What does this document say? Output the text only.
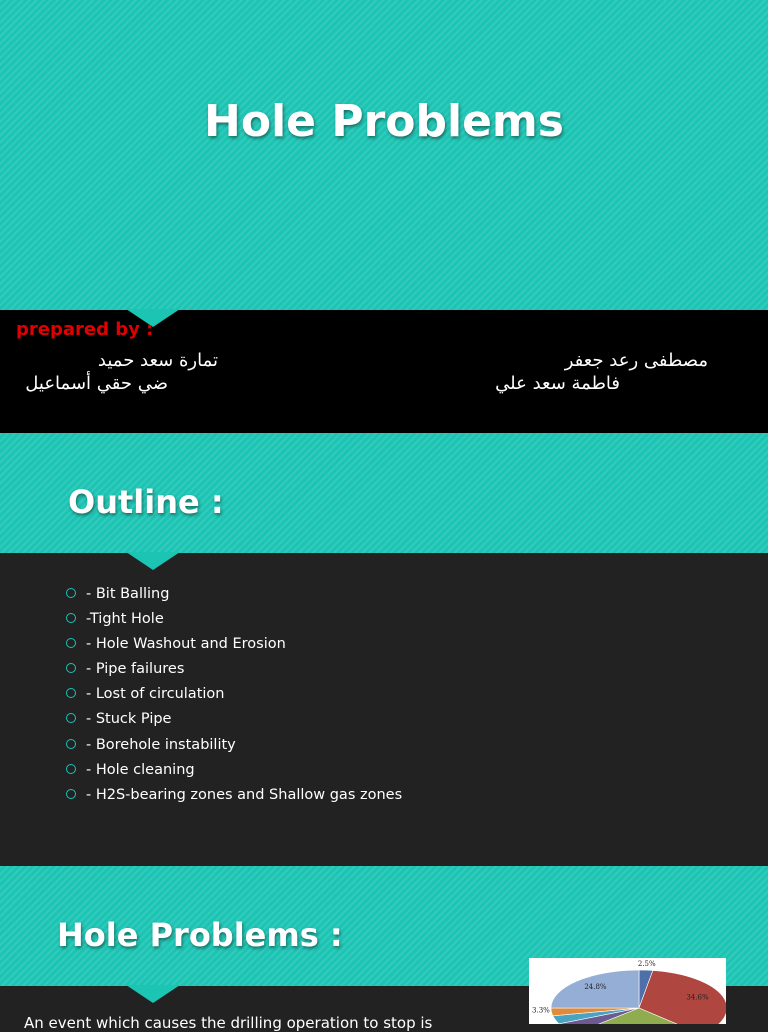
Hole Problems
prepared by :
مصطفى رعد جعفر
تمارة سعد حميد
فاطمة سعد علي
ضي حقي أسماعيل
Outline :
- Bit Balling
-Tight Hole
- Hole Washout and Erosion
- Pipe failures
- Lost of circulation
- Stuck Pipe
- Borehole instability
- Hole cleaning
- H2S-bearing zones and Shallow gas zones
Hole Problems :

An event which causes the drilling operation to stop is

2.5%
34.6%
3.3%
24.8%
